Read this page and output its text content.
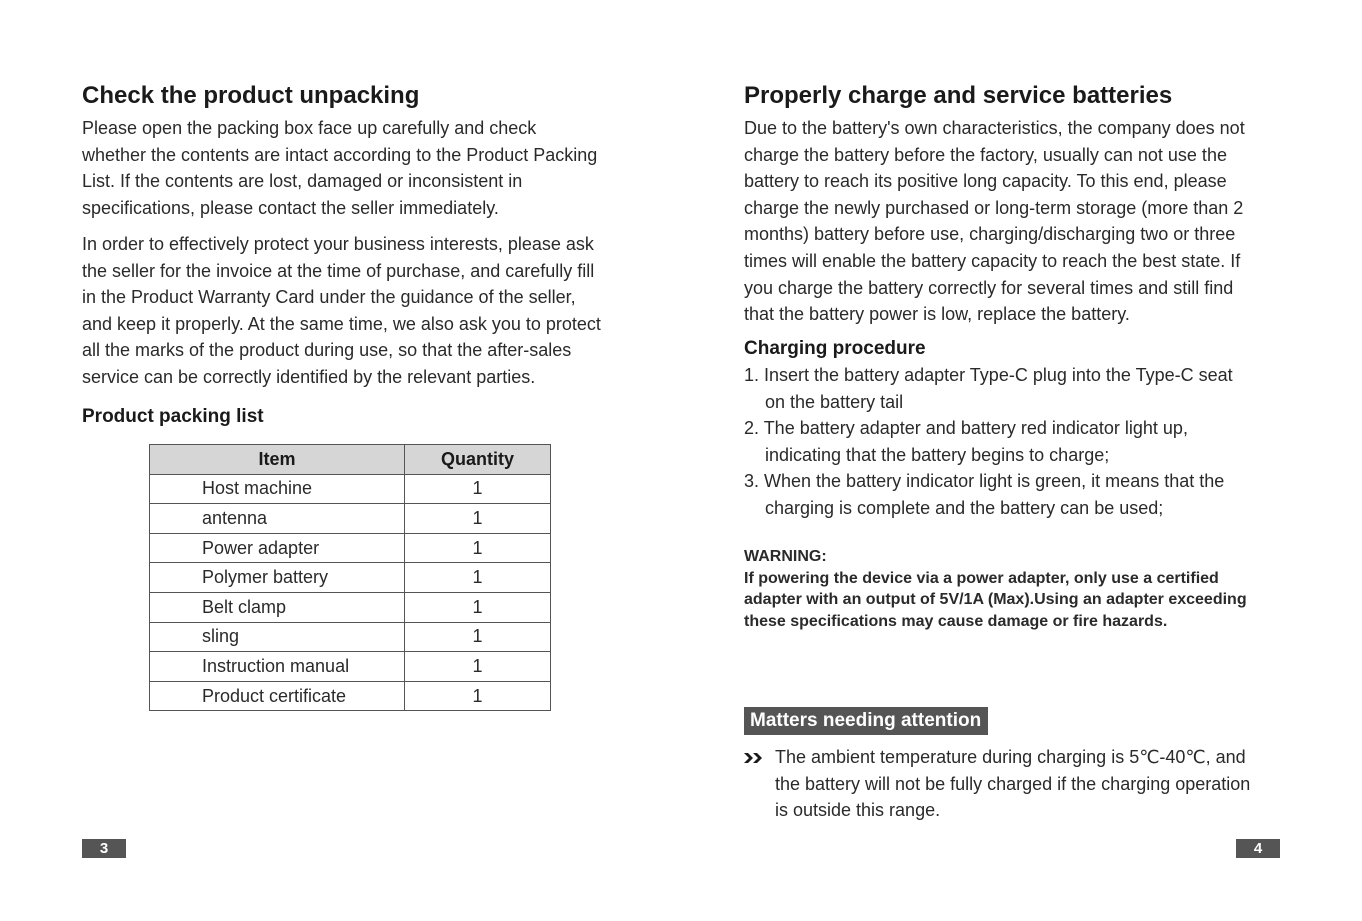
Check the product unpacking
Please open the packing box face up carefully and check
whether the contents are intact according to the Product Packing
List. If the contents are lost, damaged or inconsistent in
specifications, please contact the seller immediately.
In order to effectively protect your business interests, please ask
the seller for the invoice at the time of purchase, and carefully fill
in the Product Warranty Card under the guidance of the seller,
and keep it properly. At the same time, we also ask you to protect
all the marks of the product during use, so that the after-sales
service can be correctly identified by the relevant parties.
Product packing list
Item	Quantity
Host machine	1
antenna	1
Power adapter	1
Polymer battery	1
Belt clamp	1
sling	1
Instruction manual	1
Product certificate	1
3
Properly charge and service batteries
Due to the battery's own characteristics, the company does not
charge the battery before the factory, usually can not use the
battery to reach its positive long capacity. To this end, please
charge the newly purchased or long-term storage (more than 2
months) battery before use, charging/discharging two or three
times will enable the battery capacity to reach the best state. If
you charge the battery correctly for several times and still find
that the battery power is low, replace the battery.
Charging procedure
1. Insert the battery adapter Type-C plug into the Type-C seat
on the battery tail
2. The battery adapter and battery red indicator light up,
indicating that the battery begins to charge;
3. When the battery indicator light is green, it means that the
charging is complete and the battery can be used;
WARNING:
If powering the device via a power adapter, only use a certified
adapter with an output of 5V/1A (Max).Using an adapter exceeding
these specifications may cause damage or fire hazards.
Matters needing attention
The ambient temperature during charging is 5℃-40℃, and
the battery will not be fully charged if the charging operation
is outside this range.
4
